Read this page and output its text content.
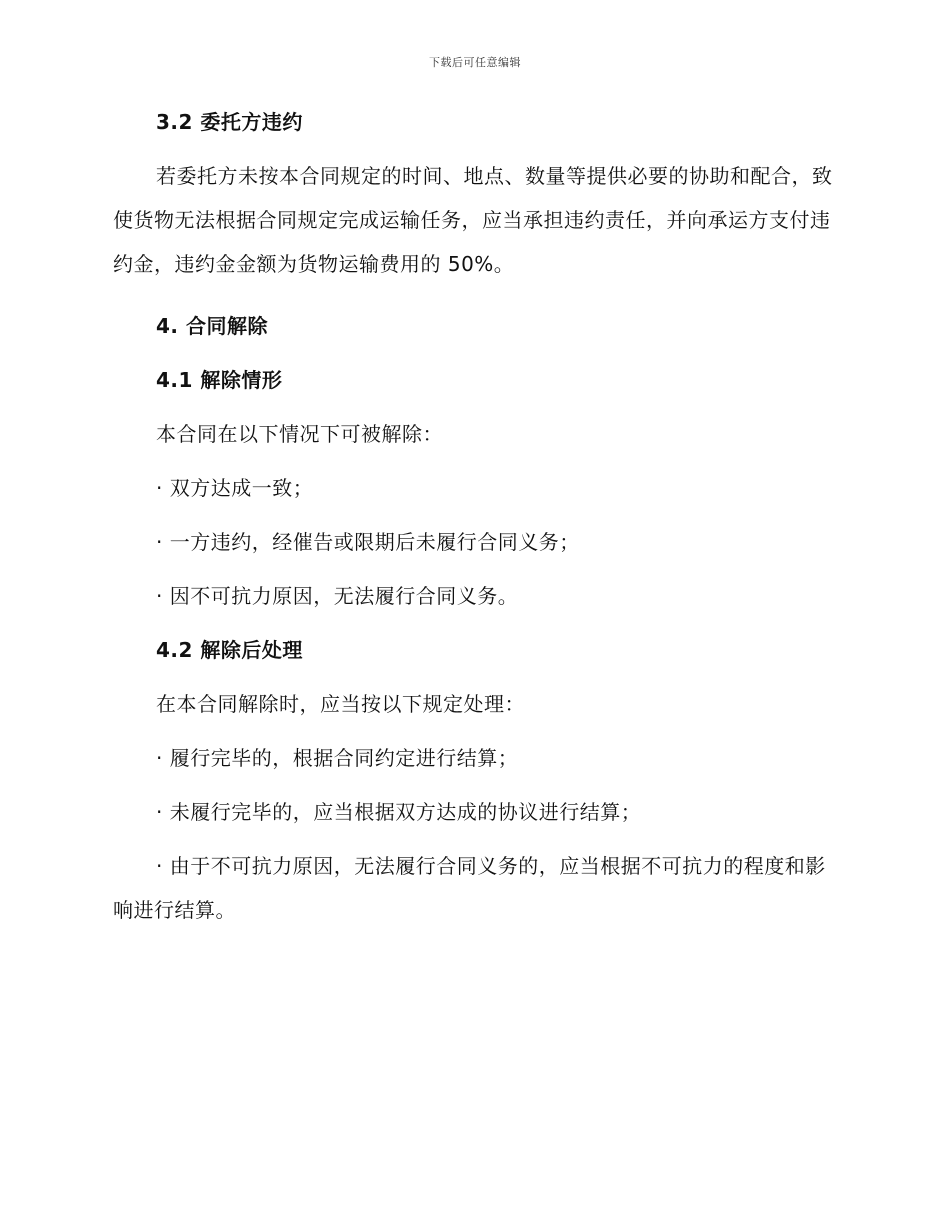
下载后可任意编辑

3.2 委托方违约

若委托方未按本合同规定的时间、地点、数量等提供必要的协助和配合，致使货物无法根据合同规定完成运输任务，应当承担违约责任，并向承运方支付违约金，违约金金额为货物运输费用的 50%。

4. 合同解除

4.1 解除情形

本合同在以下情况下可被解除：

· 双方达成一致；

· 一方违约，经催告或限期后未履行合同义务；

· 因不可抗力原因，无法履行合同义务。

4.2 解除后处理

在本合同解除时，应当按以下规定处理：

· 履行完毕的，根据合同约定进行结算；

· 未履行完毕的，应当根据双方达成的协议进行结算；

· 由于不可抗力原因，无法履行合同义务的，应当根据不可抗力的程度和影响进行结算。
